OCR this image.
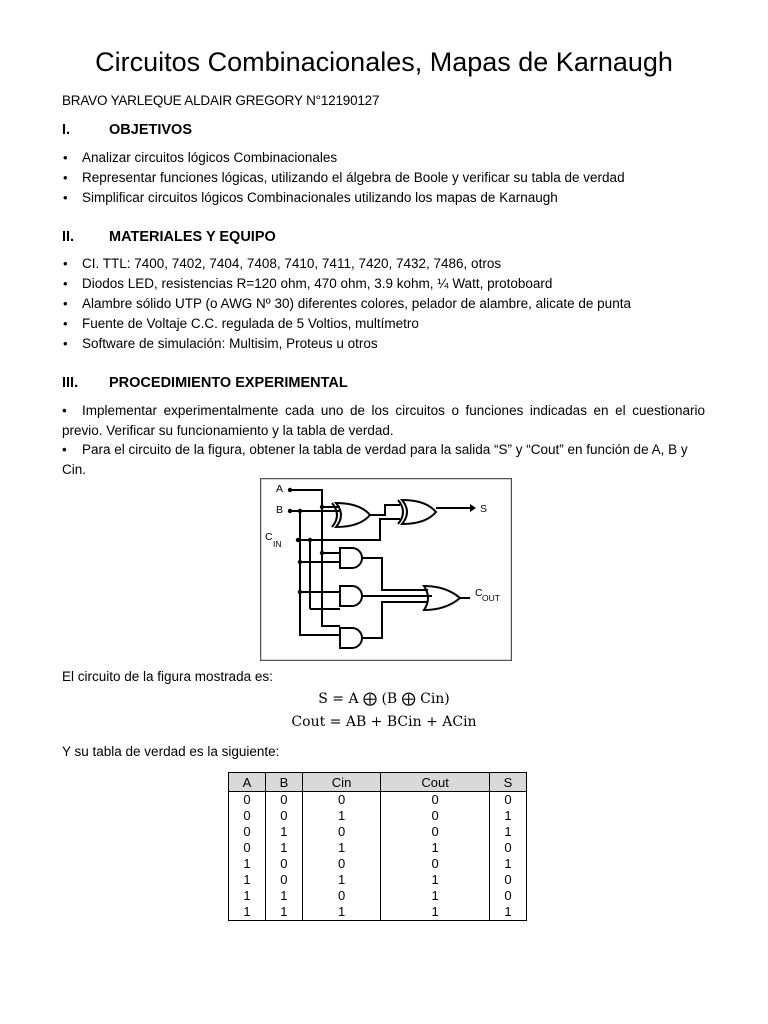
Circuitos Combinacionales, Mapas de Karnaugh
BRAVO YARLEQUE ALDAIR GREGORY N°12190127
I.	OBJETIVOS
• Analizar circuitos lógicos Combinacionales
• Representar funciones lógicas, utilizando el álgebra de Boole y verificar su tabla de verdad
• Simplificar circuitos lógicos Combinacionales utilizando los mapas de Karnaugh
II. MATERIALES Y EQUIPO
• CI. TTL: 7400, 7402, 7404, 7408, 7410, 7411, 7420, 7432, 7486, otros
• Diodos LED, resistencias R=120 ohm, 470 ohm, 3.9 kohm, ¼ Watt, protoboard
• Alambre sólido UTP (o AWG Nº 30) diferentes colores, pelador de alambre, alicate de punta
• Fuente de Voltaje C.C. regulada de 5 Voltios, multímetro
• Software de simulación: Multisim, Proteus u otros
III. PROCEDIMIENTO EXPERIMENTAL
• Implementar experimentalmente cada uno de los circuitos o funciones indicadas en el cuestionario previo. Verificar su funcionamiento y la tabla de verdad.
• Para el circuito de la figura, obtener la tabla de verdad para la salida “S” y “Cout” en función de A, B y Cin.
A
B
C
IN
S
C OUT
El circuito de la figura mostrada es:
S = A ⨁ (B ⨁ Cin)
Cout = AB + BCin + ACin
Y su tabla de verdad es la siguiente:
A	B	Cin	Cout	S
0	0	0	0	0
0	0	1	0	1
0	1	0	0	1
0	1	1	1	0
1	0	0	0	1
1	0	1	1	0
1	1	0	1	0
1	1	1	1	1
